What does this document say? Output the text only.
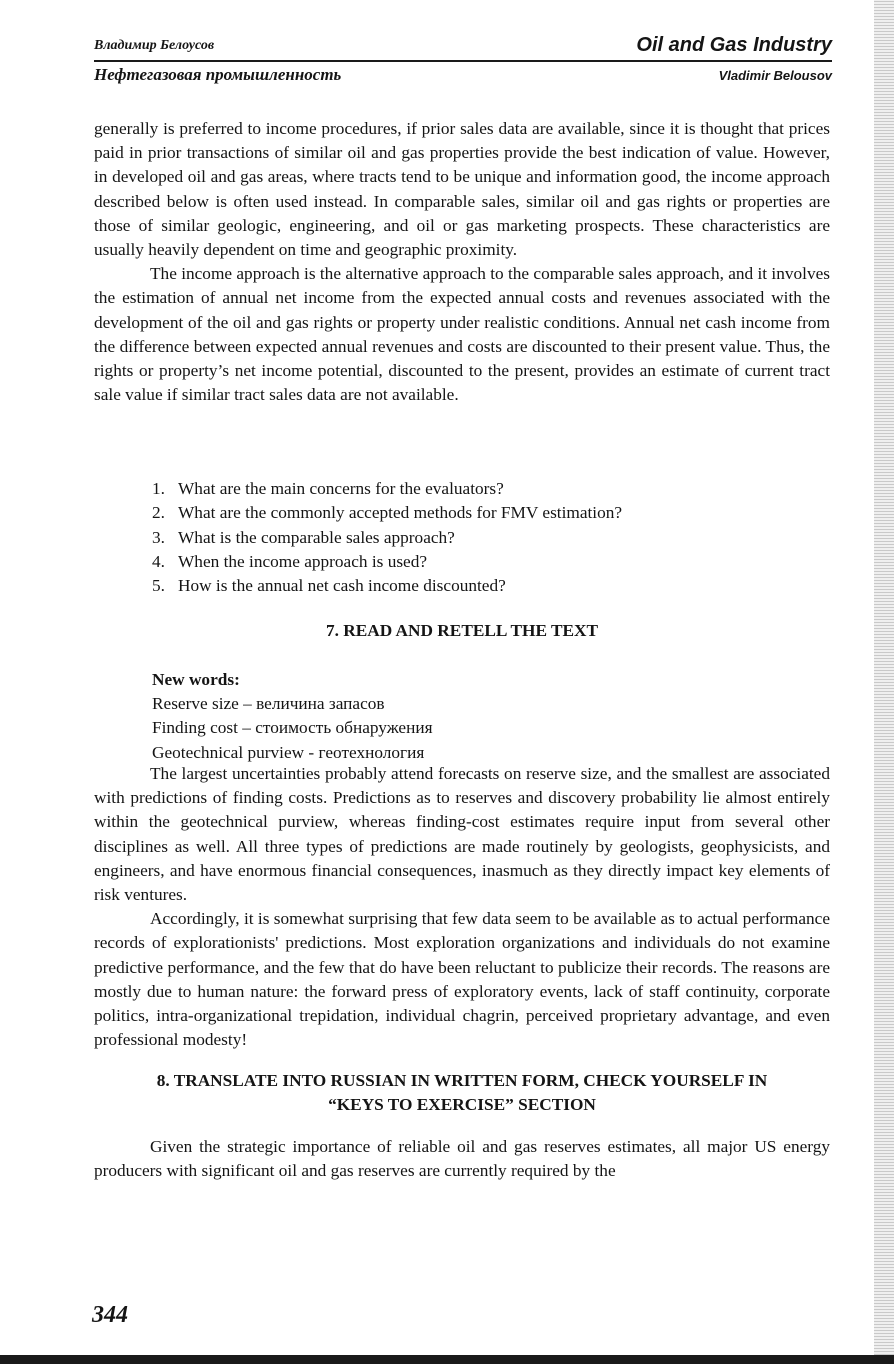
Владимир Белоусов	Oil and Gas Industry
Нефтегазовая промышленность	Vladimir Belousov

generally is preferred to income procedures, if prior sales data are available, since it is thought that prices paid in prior transactions of similar oil and gas properties provide the best indication of value. However, in developed oil and gas areas, where tracts tend to be unique and information good, the income approach described below is often used instead. In comparable sales, similar oil and gas rights or properties are those of similar geologic, engineering, and oil or gas marketing prospects. These characteristics are usually heavily dependent on time and geographic proximity.

The income approach is the alternative approach to the comparable sales approach, and it involves the estimation of annual net income from the expected annual costs and revenues associated with the development of the oil and gas rights or property under realistic conditions. Annual net cash income from the difference between expected annual revenues and costs are discounted to their present value. Thus, the rights or property’s net income potential, discounted to the present, provides an estimate of current tract sale value if similar tract sales data are not available.

1. What are the main concerns for the evaluators?
2. What are the commonly accepted methods for FMV estimation?
3. What is the comparable sales approach?
4. When the income approach is used?
5. How is the annual net cash income discounted?
7. READ AND RETELL THE TEXT
New words:
Reserve size – величина запасов
Finding cost – стоимость обнаружения
Geotechnical purview - геотехнология

The largest uncertainties probably attend forecasts on reserve size, and the smallest are associated with predictions of finding costs. Predictions as to reserves and discovery probability lie almost entirely within the geotechnical purview, whereas finding-cost estimates require input from several other disciplines as well. All three types of predictions are made routinely by geologists, geophysicists, and engineers, and have enormous financial consequences, inasmuch as they directly impact key elements of risk ventures.

Accordingly, it is somewhat surprising that few data seem to be available as to actual performance records of explorationists' predictions. Most exploration organizations and individuals do not examine predictive performance, and the few that do have been reluctant to publicize their records. The reasons are mostly due to human nature: the forward press of exploratory events, lack of staff continuity, corporate politics, intra-organizational trepidation, individual chagrin, perceived proprietary advantage, and even professional modesty!

8. TRANSLATE INTO RUSSIAN IN WRITTEN FORM, CHECK YOURSELF IN
“KEYS TO EXERCISE” SECTION

Given the strategic importance of reliable oil and gas reserves estimates, all major US energy producers with significant oil and gas reserves are currently required by the

344
